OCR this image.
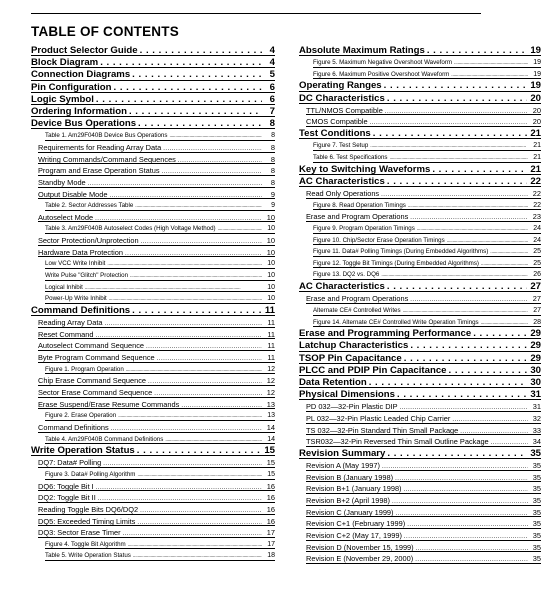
TABLE OF CONTENTS
Product Selector Guide . . .	4
Block Diagram . . .	4
Connection Diagrams . . .	5
Pin Configuration . . .	6
Logic Symbol . . .	6
Ordering Information . . .	7
Device Bus Operations . . .	8
Table 1. Am29F040B Device Bus Operations . . .	8
Requirements for Reading Array Data . . .	8
Writing Commands/Command Sequences . . .	8
Program and Erase Operation Status . . .	8
Standby Mode . . .	8
Output Disable Mode . . .	9
Table 2. Sector Addresses Table . . .	9
Autoselect Mode . . .	10
Table 3. Am29F040B Autoselect Codes (High Voltage Method) . . .	10
Sector Protection/Unprotection . . .	10
Hardware Data Protection . . .	10
Low VCC Write Inhibit . . .	10
Write Pulse "Glitch" Protection . . .	10
Logical Inhibit . . .	10
Power-Up Write Inhibit . . .	10
Command Definitions . . .	11
Reading Array Data . . .	11
Reset Command . . .	11
Autoselect Command Sequence . . .	11
Byte Program Command Sequence . . .	11
Figure 1. Program Operation . . .	12
Chip Erase Command Sequence . . .	12
Sector Erase Command Sequence . . .	12
Erase Suspend/Erase Resume Commands . . .	13
Figure 2. Erase Operation . . .	13
Command Definitions . . .	14
Table 4. Am29F040B Command Definitions . . .	14
Write Operation Status . . .	15
DQ7: Data# Polling . . .	15
Figure 3. Data# Polling Algorithm . . .	15
DQ6: Toggle Bit I . . .	16
DQ2: Toggle Bit II . . .	16
Reading Toggle Bits DQ6/DQ2 . . .	16
DQ5: Exceeded Timing Limits . . .	16
DQ3: Sector Erase Timer . . .	17
Figure 4. Toggle Bit Algorithm . . .	17
Table 5. Write Operation Status . . .	18
Absolute Maximum Ratings . . .	19
Figure 5. Maximum Negative Overshoot Waveform . . .	19
Figure 6. Maximum Positive Overshoot Waveform . . .	19
Operating Ranges . . .	19
DC Characteristics . . .	20
TTL/NMOS Compatible . . .	20
CMOS Compatible . . .	20
Test Conditions . . .	21
Figure 7. Test Setup . . .	21
Table 6. Test Specifications . . .	21
Key to Switching Waveforms . . .	21
AC Characteristics . . .	22
Read Only Operations . . .	22
Figure 8. Read Operation Timings . . .	22
Erase and Program Operations . . .	23
Figure 9. Program Operation Timings . . .	24
Figure 10. Chip/Sector Erase Operation Timings . . .	24
Figure 11. Data# Polling Timings (During Embedded Algorithms) . . .	25
Figure 12. Toggle Bit Timings (During Embedded Algorithms) . . .	25
Figure 13. DQ2 vs. DQ6 . . .	26
AC Characteristics . . .	27
Erase and Program Operations . . .	27
Alternate CE# Controlled Writes . . .	27
Figure 14. Alternate CE# Controlled Write Operation Timings . . .	28
Erase and Programming Performance . . .	29
Latchup Characteristics . . .	29
TSOP Pin Capacitance . . .	29
PLCC and PDIP Pin Capacitance . . .	30
Data Retention . . .	30
Physical Dimensions . . .	31
PD 032—32-Pin Plastic DIP . . .	31
PL 032—32-Pin Plastic Leaded Chip Carrier . . .	32
TS 032—32-Pin Standard Thin Small Package . . .	33
TSR032—32-Pin Reversed Thin Small Outline Package . . .	34
Revision Summary . . .	35
Revision A (May 1997) . . .	35
Revision B (January 1998) . . .	35
Revision B+1 (January 1998) . . .	35
Revision B+2 (April 1998) . . .	35
Revision C (January 1999) . . .	35
Revision C+1 (February 1999) . . .	35
Revision C+2 (May 17, 1999) . . .	35
Revision D (November 15, 1999) . . .	35
Revision E (November 29, 2000) . . .	35
